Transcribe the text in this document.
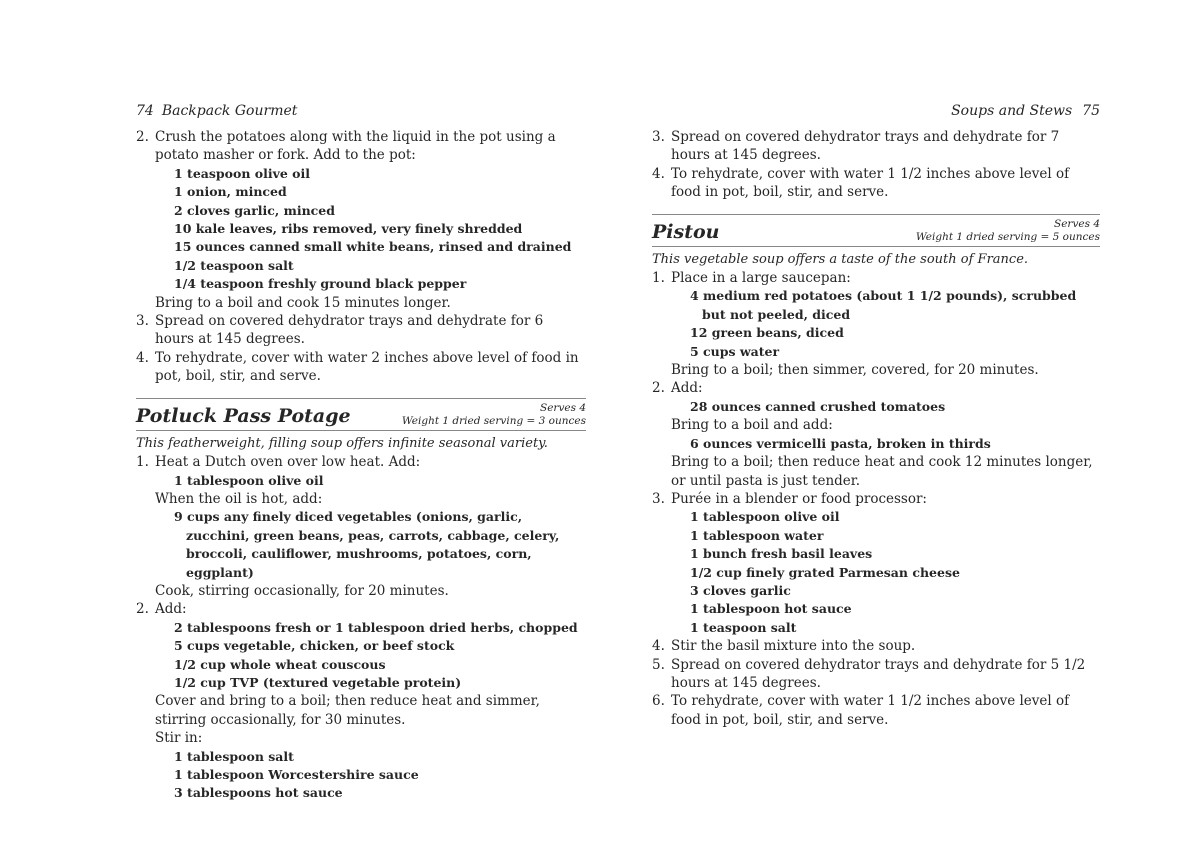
74 Backpack Gourmet
2. Crush the potatoes along with the liquid in the pot using a potato masher or fork. Add to the pot:
1 teaspoon olive oil
1 onion, minced
2 cloves garlic, minced
10 kale leaves, ribs removed, very finely shredded
15 ounces canned small white beans, rinsed and drained
1/2 teaspoon salt
1/4 teaspoon freshly ground black pepper
Bring to a boil and cook 15 minutes longer.
3. Spread on covered dehydrator trays and dehydrate for 6 hours at 145 degrees.
4. To rehydrate, cover with water 2 inches above level of food in pot, boil, stir, and serve.
Potluck Pass Potage	Serves 4
Weight 1 dried serving = 3 ounces
This featherweight, filling soup offers infinite seasonal variety.
1. Heat a Dutch oven over low heat. Add:
1 tablespoon olive oil
When the oil is hot, add:
9 cups any finely diced vegetables (onions, garlic, zucchini, green beans, peas, carrots, cabbage, celery, broccoli, cauliflower, mushrooms, potatoes, corn, eggplant)
Cook, stirring occasionally, for 20 minutes.
2. Add:
2 tablespoons fresh or 1 tablespoon dried herbs, chopped
5 cups vegetable, chicken, or beef stock
1/2 cup whole wheat couscous
1/2 cup TVP (textured vegetable protein)
Cover and bring to a boil; then reduce heat and simmer, stirring occasionally, for 30 minutes.
Stir in:
1 tablespoon salt
1 tablespoon Worcestershire sauce
3 tablespoons hot sauce
Soups and Stews 75
3. Spread on covered dehydrator trays and dehydrate for 7 hours at 145 degrees.
4. To rehydrate, cover with water 1 1/2 inches above level of food in pot, boil, stir, and serve.
Pistou	Serves 4
Weight 1 dried serving = 5 ounces
This vegetable soup offers a taste of the south of France.
1. Place in a large saucepan:
4 medium red potatoes (about 1 1/2 pounds), scrubbed but not peeled, diced
12 green beans, diced
5 cups water
Bring to a boil; then simmer, covered, for 20 minutes.
2. Add:
28 ounces canned crushed tomatoes
Bring to a boil and add:
6 ounces vermicelli pasta, broken in thirds
Bring to a boil; then reduce heat and cook 12 minutes longer, or until pasta is just tender.
3. Purée in a blender or food processor:
1 tablespoon olive oil
1 tablespoon water
1 bunch fresh basil leaves
1/2 cup finely grated Parmesan cheese
3 cloves garlic
1 tablespoon hot sauce
1 teaspoon salt
4. Stir the basil mixture into the soup.
5. Spread on covered dehydrator trays and dehydrate for 5 1/2 hours at 145 degrees.
6. To rehydrate, cover with water 1 1/2 inches above level of food in pot, boil, stir, and serve.
